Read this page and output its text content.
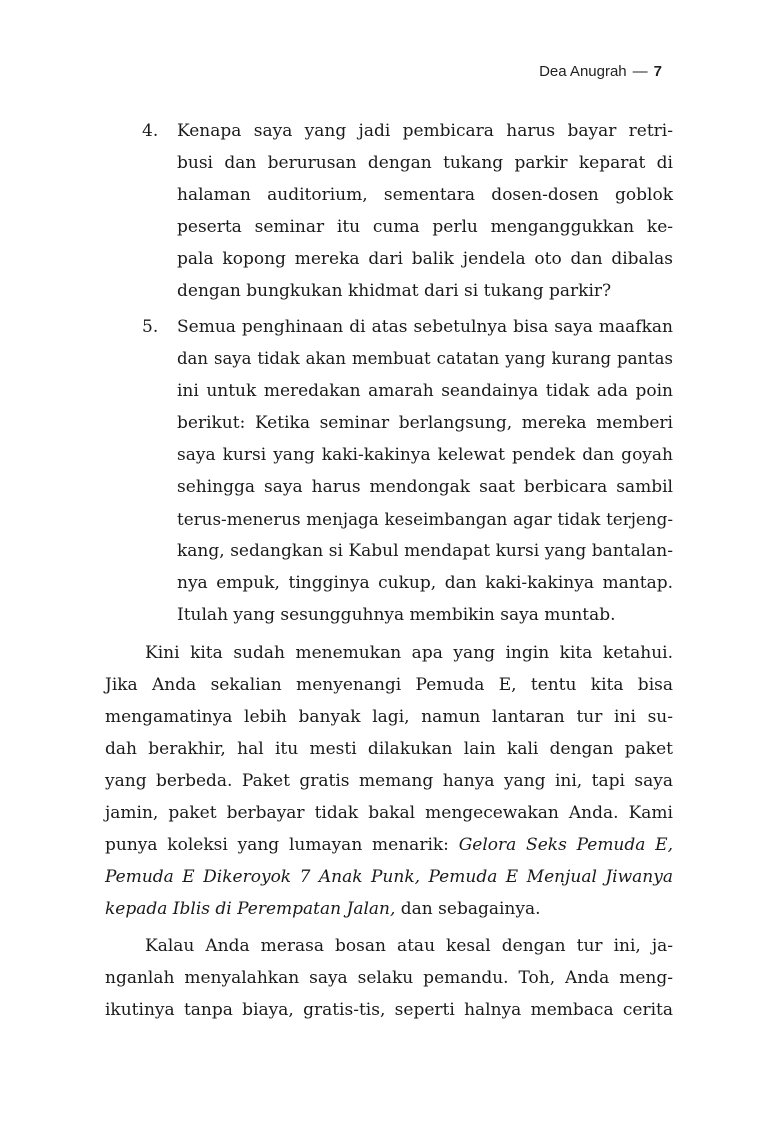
Dea Anugrah — 7
4. Kenapa saya yang jadi pembicara harus bayar retri-
busi dan berurusan dengan tukang parkir keparat di
halaman auditorium, sementara dosen-dosen goblok
peserta seminar itu cuma perlu menganggukkan ke-
pala kopong mereka dari balik jendela oto dan dibalas
dengan bungkukan khidmat dari si tukang parkir?
5. Semua penghinaan di atas sebetulnya bisa saya maafkan
dan saya tidak akan membuat catatan yang kurang pantas
ini untuk meredakan amarah seandainya tidak ada poin
berikut: Ketika seminar berlangsung, mereka memberi
saya kursi yang kaki-kakinya kelewat pendek dan goyah
sehingga saya harus mendongak saat berbicara sambil
terus-menerus menjaga keseimbangan agar tidak terjeng-
kang, sedangkan si Kabul mendapat kursi yang bantalan-
nya empuk, tingginya cukup, dan kaki-kakinya mantap.
Itulah yang sesungguhnya membikin saya muntab.
Kini kita sudah menemukan apa yang ingin kita ketahui.
Jika Anda sekalian menyenangi Pemuda E, tentu kita bisa
mengamatinya lebih banyak lagi, namun lantaran tur ini su-
dah berakhir, hal itu mesti dilakukan lain kali dengan paket
yang berbeda. Paket gratis memang hanya yang ini, tapi saya
jamin, paket berbayar tidak bakal mengecewakan Anda. Kami
punya koleksi yang lumayan menarik: Gelora Seks Pemuda E,
Pemuda E Dikeroyok 7 Anak Punk, Pemuda E Menjual Jiwanya
kepada Iblis di Perempatan Jalan, dan sebagainya.
Kalau Anda merasa bosan atau kesal dengan tur ini, ja-
nganlah menyalahkan saya selaku pemandu. Toh, Anda meng-
ikutinya tanpa biaya, gratis-tis, seperti halnya membaca cerita
